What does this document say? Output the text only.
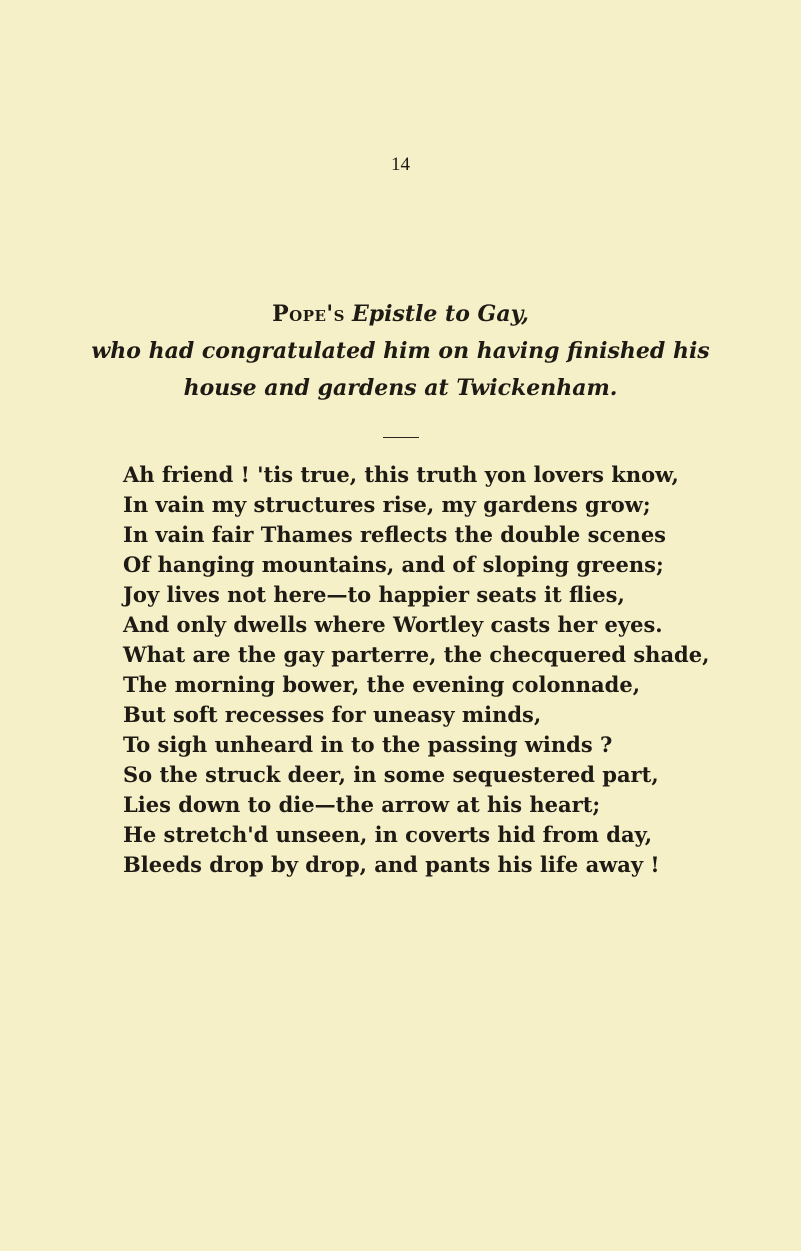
14
Pope's Epistle to Gay,
who had congratulated him on having finished his
house and gardens at Twickenham.
Ah friend ! 'tis true, this truth yon lovers know,
In vain my structures rise, my gardens grow;
In vain fair Thames reflects the double scenes
Of hanging mountains, and of sloping greens;
Joy lives not here—to happier seats it flies,
And only dwells where Wortley casts her eyes.
What are the gay parterre, the checquered shade,
The morning bower, the evening colonnade,
But soft recesses for uneasy minds,
To sigh unheard in to the passing winds ?
So the struck deer, in some sequestered part,
Lies down to die—the arrow at his heart;
He stretch'd unseen, in coverts hid from day,
Bleeds drop by drop, and pants his life away !
